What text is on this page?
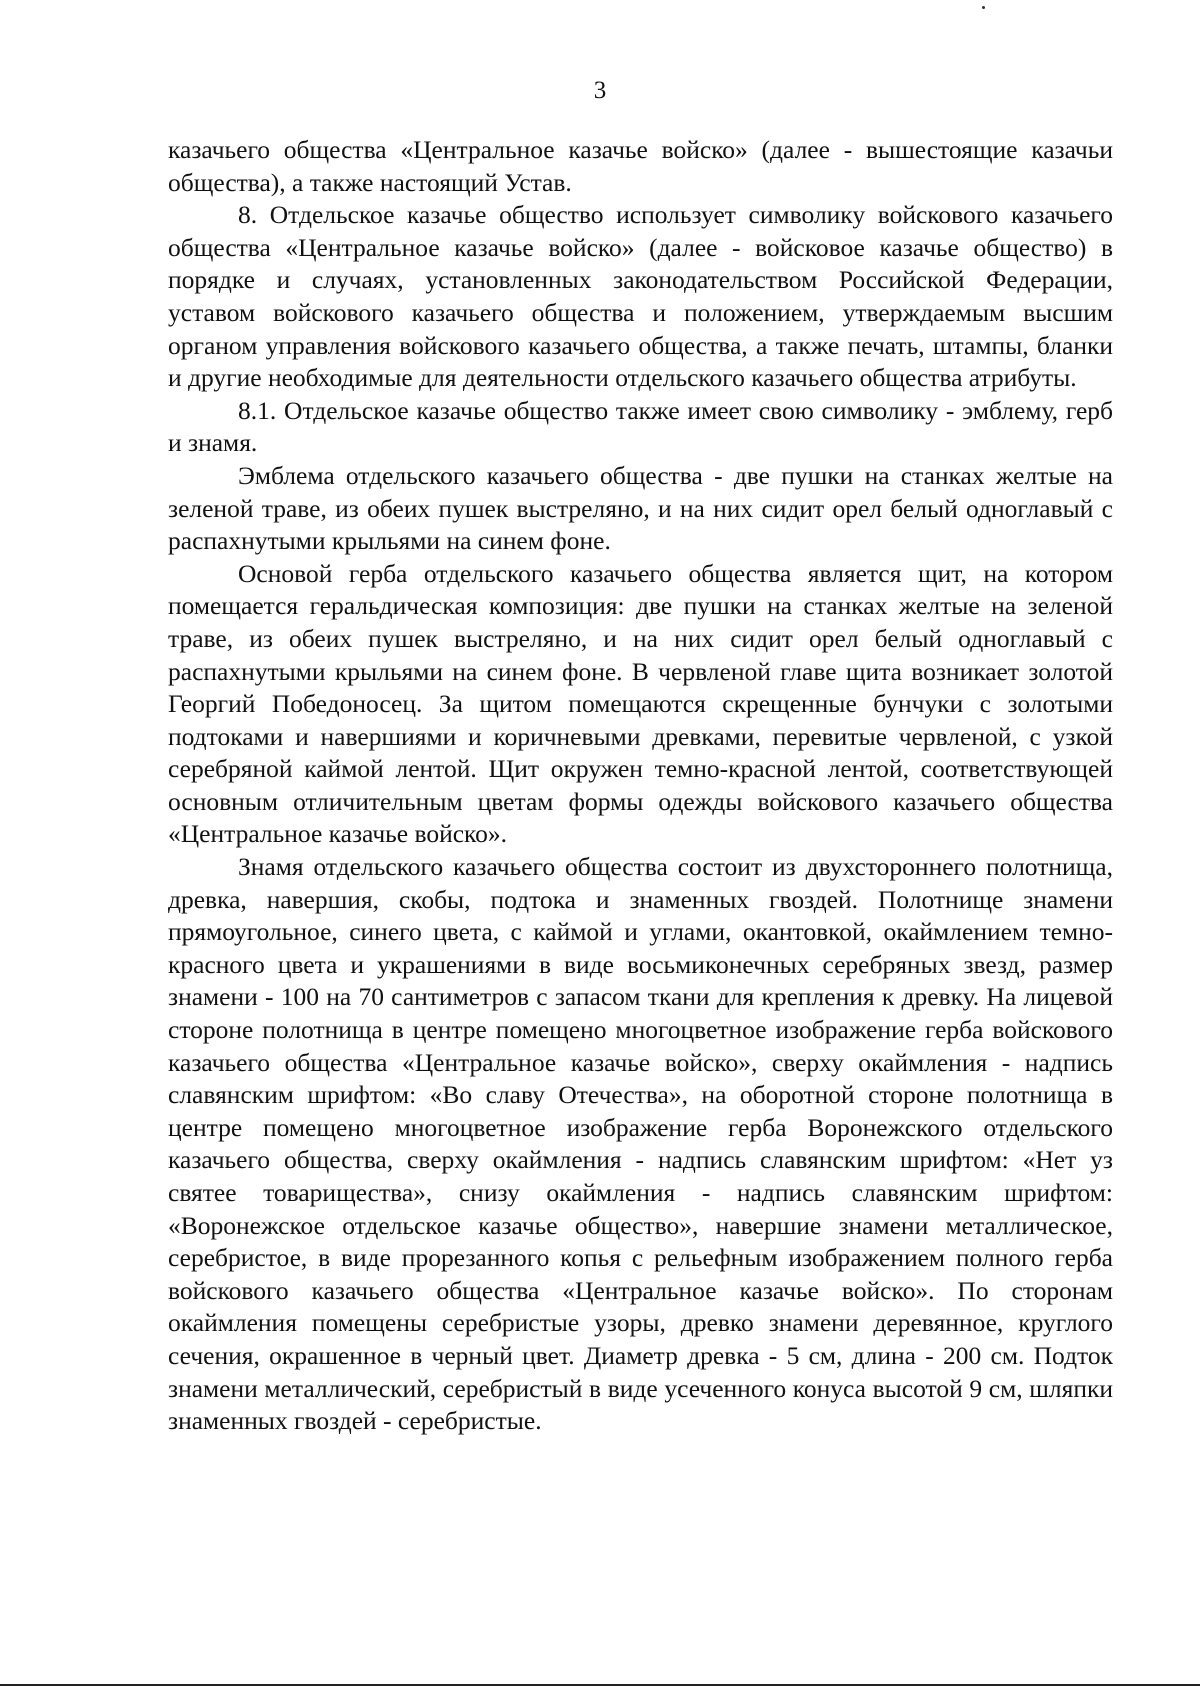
3

казачьего общества «Центральное казачье войско» (далее - вышестоящие казачьи общества), а также настоящий Устав.

8. Отдельское казачье общество использует символику войскового казачьего общества «Центральное казачье войско» (далее - войсковое казачье общество) в порядке и случаях, установленных законодательством Российской Федерации, уставом войскового казачьего общества и положением, утверждаемым высшим органом управления войскового казачьего общества, а также печать, штампы, бланки и другие необходимые для деятельности отдельского казачьего общества атрибуты.

8.1. Отдельское казачье общество также имеет свою символику - эмблему, герб и знамя.

Эмблема отдельского казачьего общества - две пушки на станках желтые на зеленой траве, из обеих пушек выстреляно, и на них сидит орел белый одноглавый с распахнутыми крыльями на синем фоне.

Основой герба отдельского казачьего общества является щит, на котором помещается геральдическая композиция: две пушки на станках желтые на зеленой траве, из обеих пушек выстреляно, и на них сидит орел белый одноглавый с распахнутыми крыльями на синем фоне. В червленой главе щита возникает золотой Георгий Победоносец. За щитом помещаются скрещенные бунчуки с золотыми подтоками и навершиями и коричневыми древками, перевитые червленой, с узкой серебряной каймой лентой. Щит окружен темно-красной лентой, соответствующей основным отличительным цветам формы одежды войскового казачьего общества «Центральное казачье войско».

Знамя отдельского казачьего общества состоит из двухстороннего полотнища, древка, навершия, скобы, подтока и знаменных гвоздей. Полотнище знамени прямоугольное, синего цвета, с каймой и углами, окантовкой, окаймлением темно-красного цвета и украшениями в виде восьмиконечных серебряных звезд, размер знамени - 100 на 70 сантиметров с запасом ткани для крепления к древку. На лицевой стороне полотнища в центре помещено многоцветное изображение герба войскового казачьего общества «Центральное казачье войско», сверху окаймления - надпись славянским шрифтом: «Во славу Отечества», на оборотной стороне полотнища в центре помещено многоцветное изображение герба Воронежского отдельского казачьего общества, сверху окаймления - надпись славянским шрифтом: «Нет уз святее товарищества», снизу окаймления - надпись славянским шрифтом: «Воронежское отдельское казачье общество», навершие знамени металлическое, серебристое, в виде прорезанного копья с рельефным изображением полного герба войскового казачьего общества «Центральное казачье войско». По сторонам окаймления помещены серебристые узоры, древко знамени деревянное, круглого сечения, окрашенное в черный цвет. Диаметр древка - 5 см, длина - 200 см. Подток знамени металлический, серебристый в виде усеченного конуса высотой 9 см, шляпки знаменных гвоздей - серебристые.
